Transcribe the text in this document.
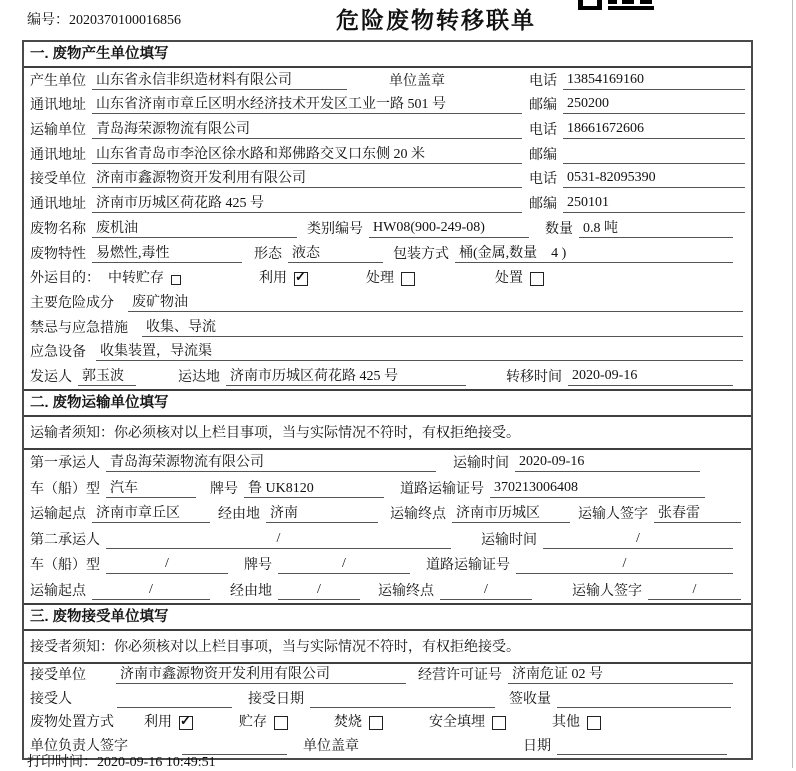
编号：2020370100016856	危险废物转移联单
一. 废物产生单位填写
产生单位 山东省永信非织造材料有限公司	单位盖章	电话 13854169160
通讯地址 山东省济南市章丘区明水经济技术开发区工业一路 501 号	邮编 250200
运输单位 青岛海荣源物流有限公司	电话 18661672606
通讯地址 山东省青岛市李沧区徐水路和郑佛路交叉口东侧 20 米	邮编
接受单位 济南市鑫源物资开发利用有限公司	电话 0531-82095390
通讯地址 济南市历城区荷花路 425 号	邮编 250101
废物名称 废机油	类别编号 HW08(900-249-08)	数量 0.8 吨
废物特性 易燃性,毒性	形态 液态	包装方式 桶(金属,数量　4 )
外运目的： 中转贮存	利用 ✓	处理	处置
主要危险成分 废矿物油
禁忌与应急措施 收集、导流
应急设备 收集装置，导流渠
发运人 郭玉波	运达地 济南市历城区荷花路 425 号	转移时间 2020-09-16
二. 废物运输单位填写
运输者须知：你必须核对以上栏目事项，当与实际情况不符时，有权拒绝接受。
第一承运人 青岛海荣源物流有限公司	运输时间 2020-09-16
车（船）型 汽车	牌号 鲁 UK8120	道路运输证号 370213006408
运输起点 济南市章丘区	经由地 济南	运输终点 济南市历城区	运输人签字 张春雷
第二承运人	/	运输时间	/
车（船）型	/	牌号	/	道路运输证号	/
运输起点	/	经由地	/	运输终点	/	运输人签字	/
三. 废物接受单位填写
接受者须知：你必须核对以上栏目事项，当与实际情况不符时，有权拒绝接受。
接受单位 济南市鑫源物资开发利用有限公司	经营许可证号 济南危证 02 号
接受人	接受日期	签收量
废物处置方式 利用 ✓	贮存	焚烧	安全填埋	其他
单位负责人签字	单位盖章	日期
打印时间：2020-09-16 10:49:51
